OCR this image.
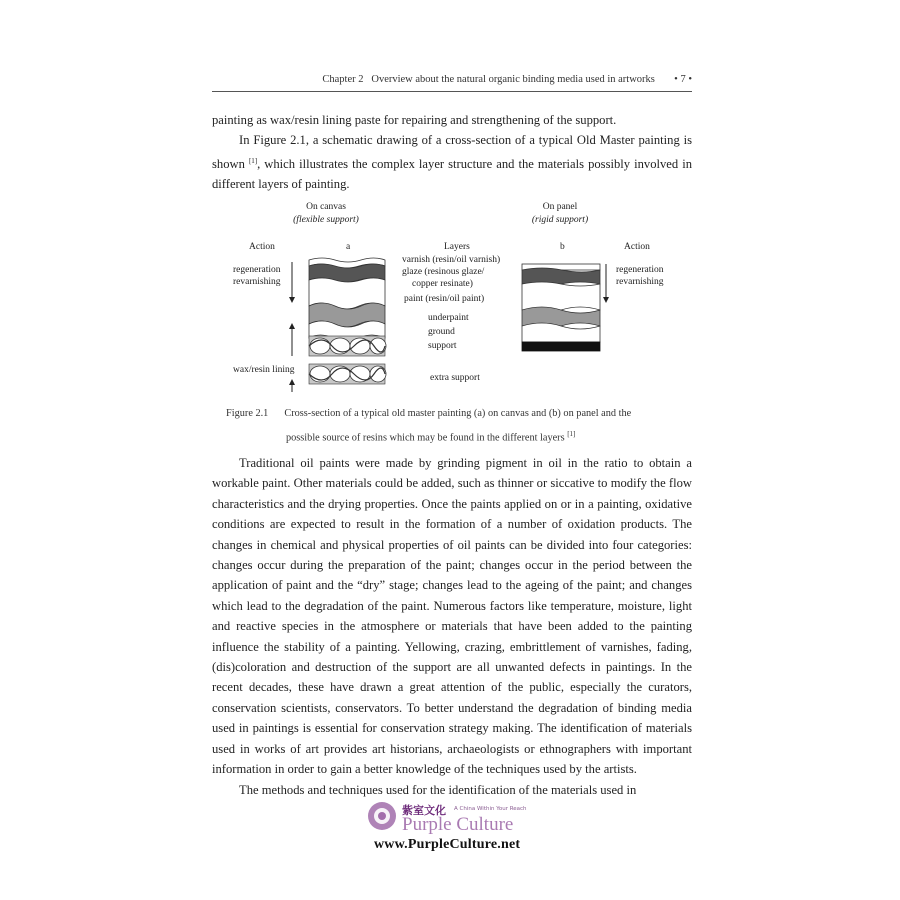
Chapter 2   Overview about the natural organic binding media used in artworks • 7 •

painting as wax/resin lining paste for repairing and strengthening of the support.

In Figure 2.1, a schematic drawing of a cross-section of a typical Old Master painting is shown [1], which illustrates the complex layer structure and the materials possibly involved in different layers of painting.

On canvas
(flexible support)
On panel
(rigid support)
Action	a	Layers	b	Action
regeneration
revarnishing
wax/resin lining
varnish (resin/oil varnish)
glaze (resinous glaze/
copper resinate)
paint (resin/oil paint)
underpaint
ground
support
extra support
regeneration
revarnishing
Figure 2.1 Cross-section of a typical old master painting (a) on canvas and (b) on panel and the
possible source of resins which may be found in the different layers [1]

Traditional oil paints were made by grinding pigment in oil in the ratio to obtain a workable paint. Other materials could be added, such as thinner or siccative to modify the flow characteristics and the drying properties. Once the paints applied on or in a painting, oxidative conditions are expected to result in the formation of a number of oxidation products. The changes in chemical and physical properties of oil paints can be divided into four categories: changes occur during the preparation of the paint; changes occur in the period between the application of paint and the “dry” stage; changes lead to the ageing of the paint; and changes which lead to the degradation of the paint. Numerous factors like temperature, moisture, light and reactive species in the atmosphere or materials that have been added to the painting influence the stability of a painting. Yellowing, crazing, embrittlement of varnishes, fading, (dis)coloration and destruction of the support are all unwanted defects in paintings. In the recent decades, these have drawn a great attention of the public, especially the curators, conservation scientists, conservators. To better understand the degradation of binding media used in paintings is essential for conservation strategy making. The identification of materials used in works of art provides art historians, archaeologists or ethnographers with important information in order to gain a better knowledge of the techniques used by the artists.

The methods and techniques used for the identification of the materials used in

紫室文化 A China Within Your Reach
Purple Culture
www.PurpleCulture.net
